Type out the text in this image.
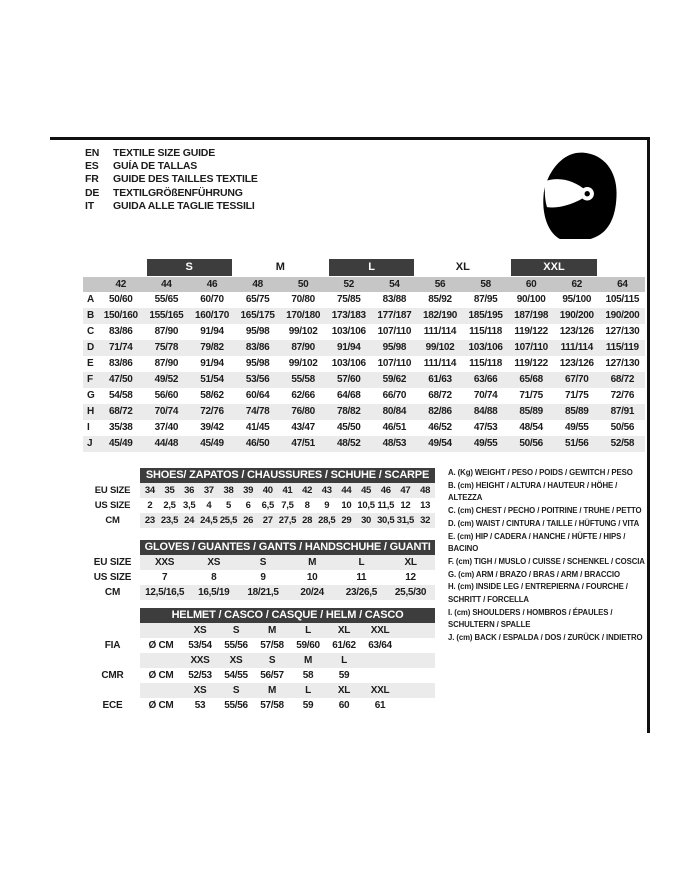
EN	TEXTILE SIZE GUIDE
ES	GUÍA DE TALLAS
FR	GUIDE DES TAILLES TEXTILE
DE	TEXTILGRÖßENFÜHRUNG
IT	GUIDA ALLE TAGLIE TESSILI

		S		M		L		XL		XXL		

	42	44	46	48	50	52	54	56	58	60	62	64
A	50/60	55/65	60/70	65/75	70/80	75/85	83/88	85/92	87/95	90/100	95/100	105/115
B	150/160	155/165	160/170	165/175	170/180	173/183	177/187	182/190	185/195	187/198	190/200	190/200
C	83/86	87/90	91/94	95/98	99/102	103/106	107/110	111/114	115/118	119/122	123/126	127/130
D	71/74	75/78	79/82	83/86	87/90	91/94	95/98	99/102	103/106	107/110	111/114	115/119
E	83/86	87/90	91/94	95/98	99/102	103/106	107/110	111/114	115/118	119/122	123/126	127/130
F	47/50	49/52	51/54	53/56	55/58	57/60	59/62	61/63	63/66	65/68	67/70	68/72
G	54/58	56/60	58/62	60/64	62/66	64/68	66/70	68/72	70/74	71/75	71/75	72/76
H	68/72	70/74	72/76	74/78	76/80	78/82	80/84	82/86	84/88	85/89	85/89	87/91
I	35/38	37/40	39/42	41/45	43/47	45/50	46/51	46/52	47/53	48/54	49/55	50/56
J	45/49	44/48	45/49	46/50	47/51	48/52	48/53	49/54	49/55	50/56	51/56	52/58
	SHOES/ ZAPATOS / CHAUSSURES / SCHUHE / SCARPE														
EU SIZE	34	35	36	37	38	39	40	41	42	43	44	45	46	47	48
US SIZE	2	2,5	3,5	4	5	6	6,5	7,5	8	9	10	10,5	11,5	12	13
CM	23	23,5	24	24,5	25,5	26	27	27,5	28	28,5	29	30	30,5	31,5	32
	GLOVES / GUANTES / GANTS / HANDSCHUHE / GUANTI					
EU SIZE	XXS	XS	S	M	L	XL
US SIZE	7	8	9	10	11	12
CM	12,5/16,5	16,5/19	18/21,5	20/24	23/26,5	25,5/30
	HELMET / CASCO / CASQUE / HELM / CASCO							
		XS	S	M	L	XL	XXL	
FIA	Ø CM	53/54	55/56	57/58	59/60	61/62	63/64	
		XXS	XS	S	M	L		
CMR	Ø CM	52/53	54/55	56/57	58	59		
		XS	S	M	L	XL	XXL	
ECE	Ø CM	53	55/56	57/58	59	60	61	
A. (Kg) WEIGHT / PESO / POIDS / GEWITCH / PESO
B. (cm) HEIGHT / ALTURA / HAUTEUR / HÖHE / ALTEZZA
C. (cm) CHEST / PECHO / POITRINE / TRUHE / PETTO
D. (cm) WAIST / CINTURA / TAILLE / HÜFTUNG / VITA
E. (cm) HIP / CADERA / HANCHE / HÜFTE / HIPS / BACINO
F. (cm) TIGH / MUSLO / CUISSE / SCHENKEL / COSCIA
G. (cm) ARM / BRAZO / BRAS / ARM / BRACCIO
H. (cm) INSIDE LEG / ENTREPIERNA / FOURCHE / SCHRITT / FORCELLA
I. (cm) SHOULDERS / HOMBROS / ÉPAULES / SCHULTERN / SPALLE
J. (cm) BACK / ESPALDA / DOS / ZURÜCK / INDIETRO
